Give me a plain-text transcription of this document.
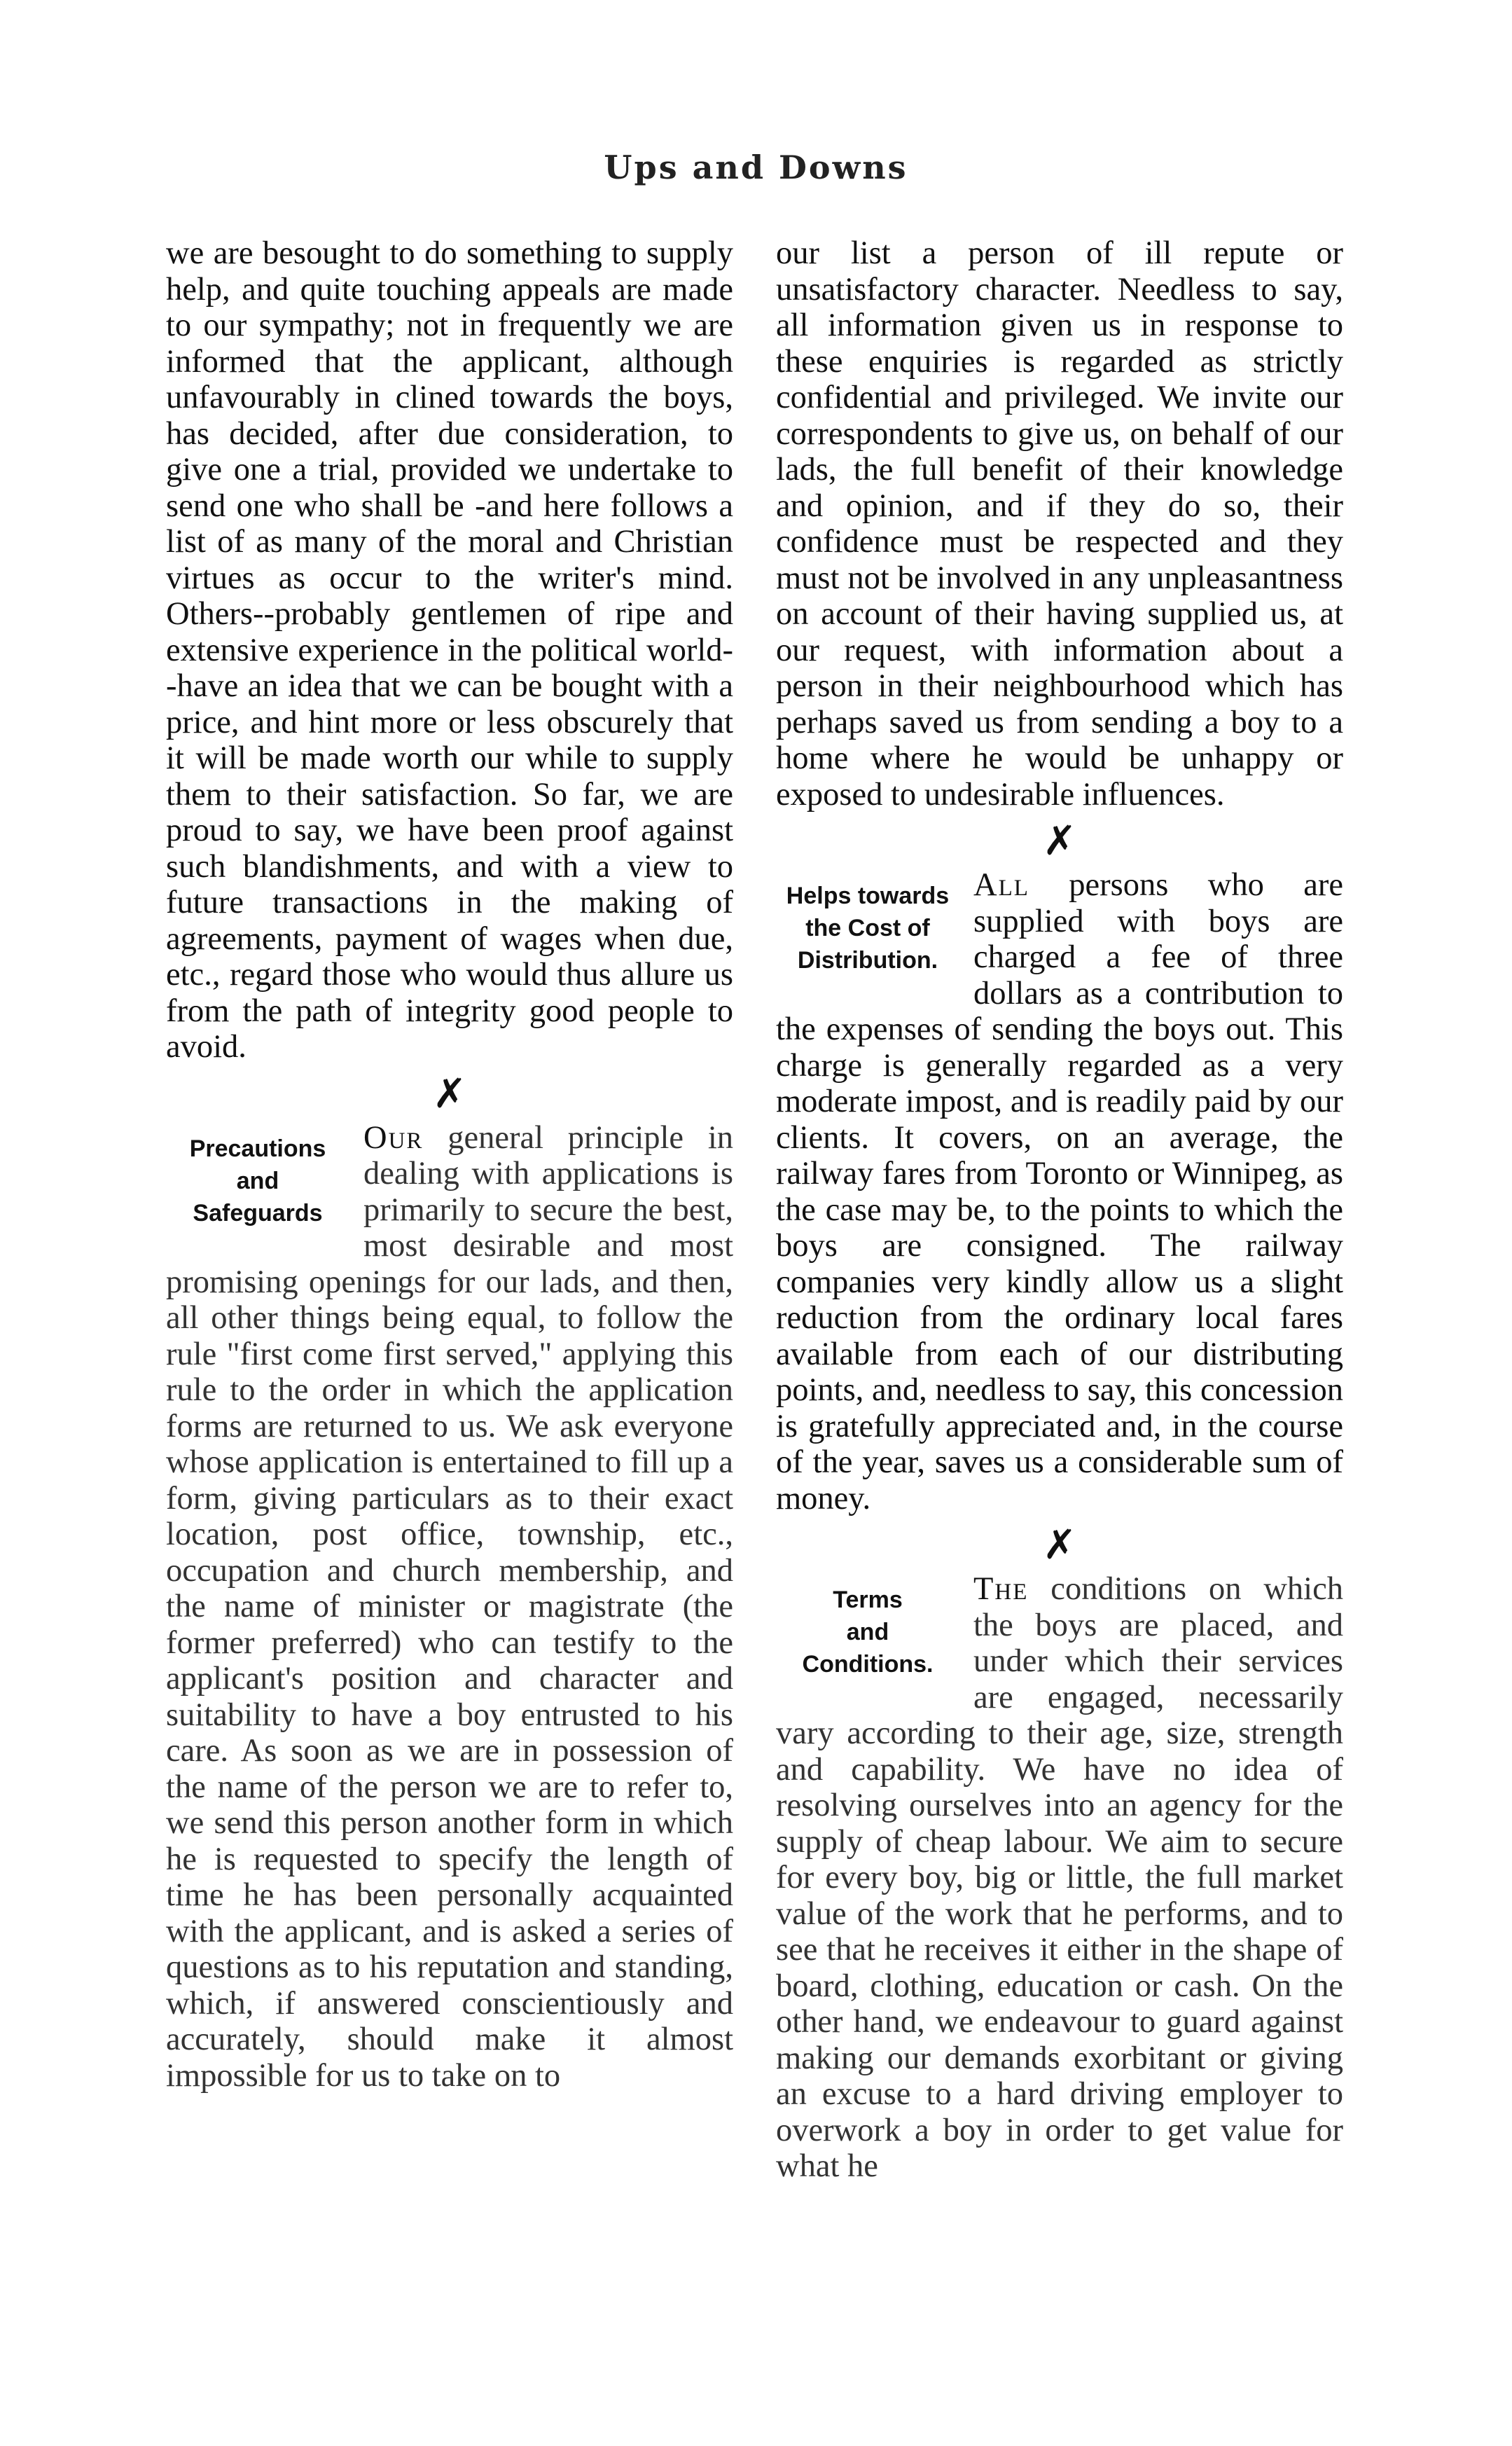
Ups and Downs

we are besought to do something to supply help, and quite touching appeals are made to our sympathy; not in frequently we are informed that the applicant, although unfavourably in clined towards the boys, has decided, after due consideration, to give one a trial, provided we undertake to send one who shall be -and here follows a list of as many of the moral and Christian virtues as occur to the writer's mind. Others--probably gentlemen of ripe and extensive experience in the political world--have an idea that we can be bought with a price, and hint more or less obscurely that it will be made worth our while to supply them to their satisfaction. So far, we are proud to say, we have been proof against such blandishments, and with a view to future transactions in the making of agreements, payment of wages when due, etc., regard those who would thus allure us from the path of integrity good people to avoid.

✗

Precautions
and
Safeguards
Our general principle in dealing with applications is primarily to secure the best, most desirable and most promising openings for our lads, and then, all other things being equal, to follow the rule "first come first served," applying this rule to the order in which the application forms are returned to us. We ask everyone whose application is entertained to fill up a form, giving particulars as to their exact location, post office, township, etc., occupation and church membership, and the name of minister or magistrate (the former preferred) who can testify to the applicant's position and character and suitability to have a boy entrusted to his care. As soon as we are in possession of the name of the person we are to refer to, we send this person another form in which he is requested to specify the length of time he has been personally acquainted with the applicant, and is asked a series of questions as to his reputation and standing, which, if answered conscientiously and accurately, should make it almost impossible for us to take on to

our list a person of ill repute or unsatisfactory character. Needless to say, all information given us in response to these enquiries is regarded as strictly confidential and privileged. We invite our correspondents to give us, on behalf of our lads, the full benefit of their knowledge and opinion, and if they do so, their confidence must be respected and they must not be involved in any unpleasantness on account of their having supplied us, at our request, with information about a person in their neighbourhood which has perhaps saved us from sending a boy to a home where he would be unhappy or exposed to undesirable influences.

✗

Helps towards
the Cost of
Distribution.
All persons who are supplied with boys are charged a fee of three dollars as a contribution to the expenses of sending the boys out. This charge is generally regarded as a very moderate impost, and is readily paid by our clients. It covers, on an average, the railway fares from Toronto or Winnipeg, as the case may be, to the points to which the boys are consigned. The railway companies very kindly allow us a slight reduction from the ordinary local fares available from each of our distributing points, and, needless to say, this concession is gratefully appreciated and, in the course of the year, saves us a considerable sum of money.

✗

Terms
and
Conditions.
The conditions on which the boys are placed, and under which their services are engaged, necessarily vary according to their age, size, strength and capability. We have no idea of resolving ourselves into an agency for the supply of cheap labour. We aim to secure for every boy, big or little, the full market value of the work that he performs, and to see that he receives it either in the shape of board, clothing, education or cash. On the other hand, we endeavour to guard against making our demands exorbitant or giving an excuse to a hard driving employer to overwork a boy in order to get value for what he
